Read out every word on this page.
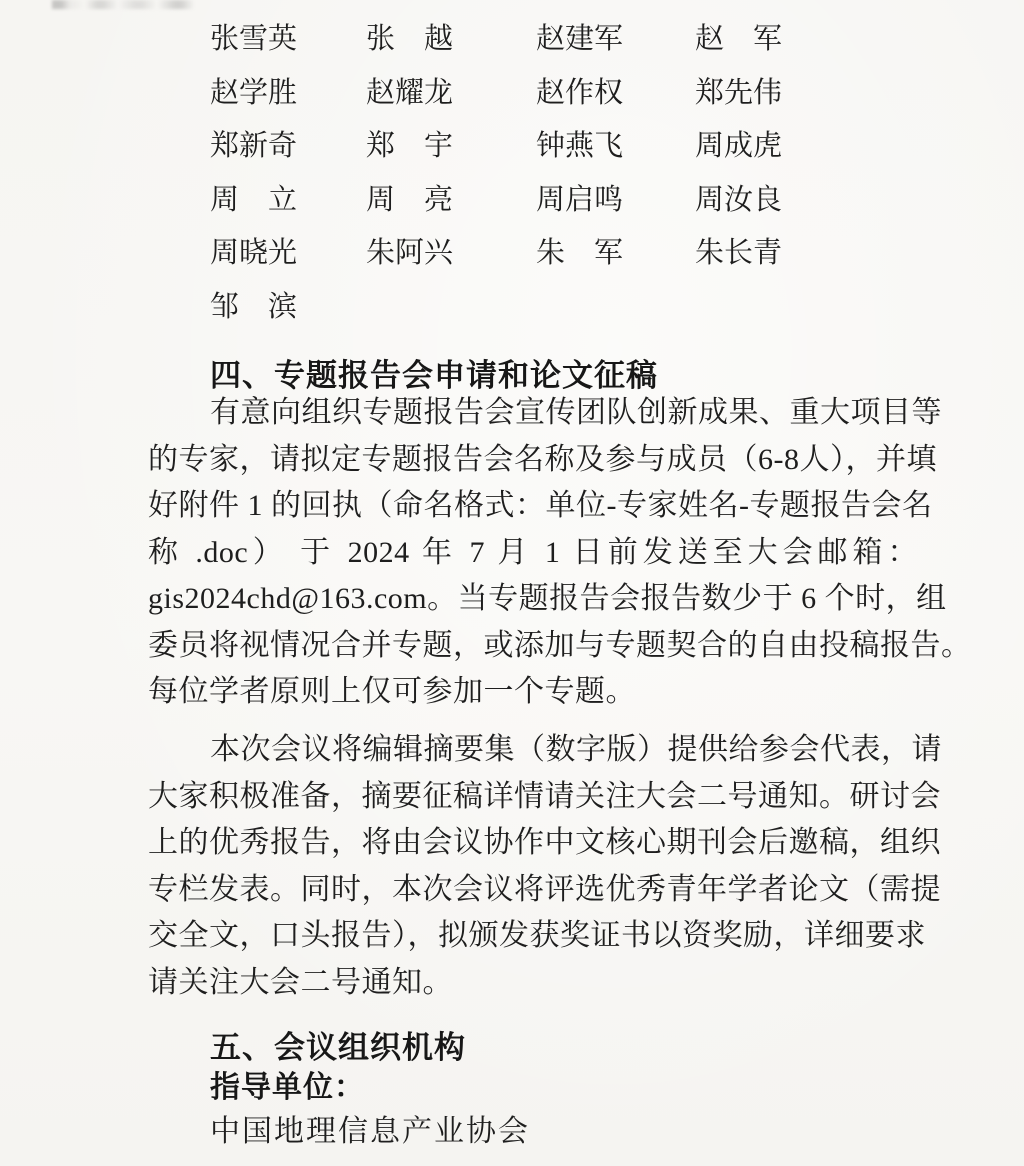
张雪英	张　越	赵建军	赵　军
赵学胜	赵耀龙	赵作权	郑先伟
郑新奇	郑　宇	钟燕飞	周成虎
周　立	周　亮	周启鸣	周汝良
周晓光	朱阿兴	朱　军	朱长青
邹　滨
四、专题报告会申请和论文征稿
有意向组织专题报告会宣传团队创新成果、重大项目等
的专家，请拟定专题报告会名称及参与成员（6-8人），并填
好附件 1 的回执（命名格式：单位-专家姓名-专题报告会名
称 .doc） 于 2024 年 7 月 1 日前发送至大会邮箱：
gis2024chd@163.com。当专题报告会报告数少于 6 个时，组
委员将视情况合并专题，或添加与专题契合的自由投稿报告。
每位学者原则上仅可参加一个专题。
本次会议将编辑摘要集（数字版）提供给参会代表，请
大家积极准备，摘要征稿详情请关注大会二号通知。研讨会
上的优秀报告，将由会议协作中文核心期刊会后邀稿，组织
专栏发表。同时，本次会议将评选优秀青年学者论文（需提
交全文，口头报告），拟颁发获奖证书以资奖励，详细要求
请关注大会二号通知。
五、会议组织机构
指导单位：
中国地理信息产业协会
